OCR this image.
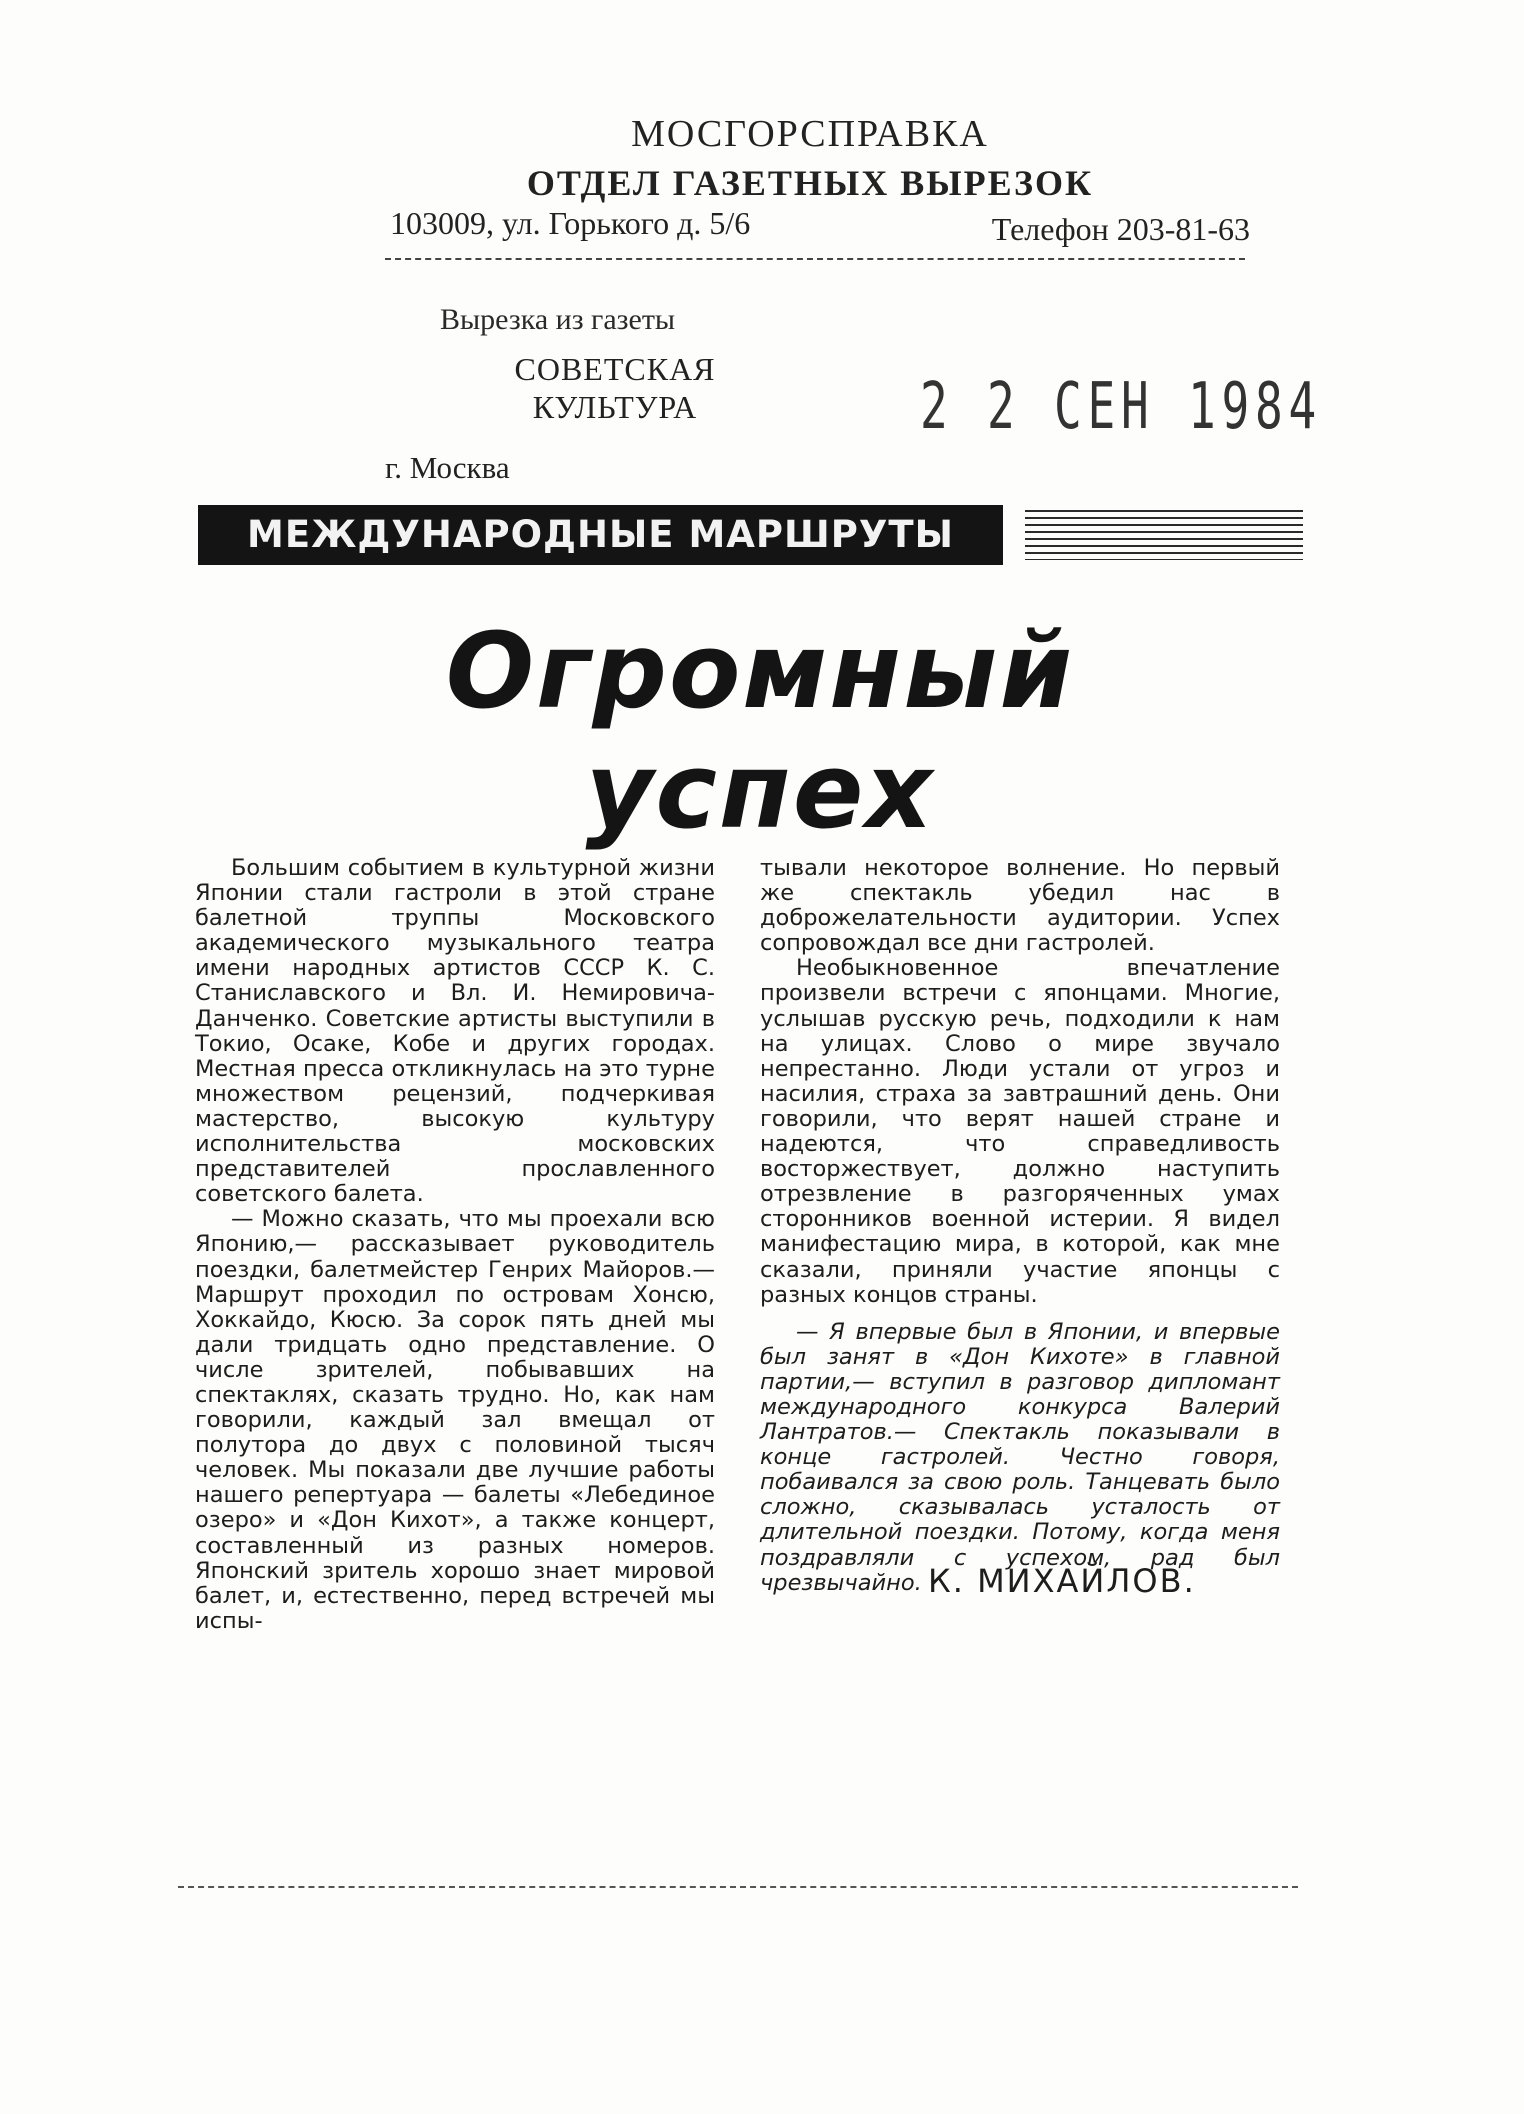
МОСГОРСПРАВКА
ОТДЕЛ ГАЗЕТНЫХ ВЫРЕЗОК
103009, ул. Горького д. 5/6	Телефон 203-81-63
Вырезка из газеты
СОВЕТСКАЯ
КУЛЬТУРА	2 2 СЕН 1984
г. Москва
МЕЖДУНАРОДНЫЕ МАРШРУТЫ
Огромный
успех

Большим событием в культурной жизни Японии стали гастроли в этой стране балетной труппы Московского академического музыкального театра имени народных артистов СССР К. С. Станиславского и Вл. И. Немировича-Данченко. Советские артисты выступили в Токио, Осаке, Кобе и других городах. Местная пресса откликнулась на это турне множеством рецензий, подчеркивая мастерство, высокую культуру исполнительства московских представителей прославленного советского балета.

— Можно сказать, что мы проехали всю Японию,— рассказывает руководитель поездки, балетмейстер Генрих Майоров.— Маршрут проходил по островам Хонсю, Хоккайдо, Кюсю. За сорок пять дней мы дали тридцать одно представление. О числе зрителей, побывавших на спектаклях, сказать трудно. Но, как нам говорили, каждый зал вмещал от полутора до двух с половиной тысяч человек. Мы показали две лучшие работы нашего репертуара — балеты «Лебединое озеро» и «Дон Кихот», а также концерт, составленный из разных номеров. Японский зритель хорошо знает мировой балет, и, естественно, перед встречей мы испы-

тывали некоторое волнение. Но первый же спектакль убедил нас в доброжелательности аудитории. Успех сопровождал все дни гастролей.

Необыкновенное впечатление произвели встречи с японцами. Многие, услышав русскую речь, подходили к нам на улицах. Слово о мире звучало непрестанно. Люди устали от угроз и насилия, страха за завтрашний день. Они говорили, что верят нашей стране и надеются, что справедливость восторжествует, должно наступить отрезвление в разгоряченных умах сторонников военной истерии. Я видел манифестацию мира, в которой, как мне сказали, приняли участие японцы с разных концов страны.

— Я впервые был в Японии, и впервые был занят в «Дон Кихоте» в главной партии,— вступил в разговор дипломант международного конкурса Валерий Лантратов.— Спектакль показывали в конце гастролей. Честно говоря, побаивался за свою роль. Танцевать было сложно, сказывалась усталость от длительной поездки. Потому, когда меня поздравляли с успехом, рад был чрезвычайно. К. МИХАЙЛОВ.
